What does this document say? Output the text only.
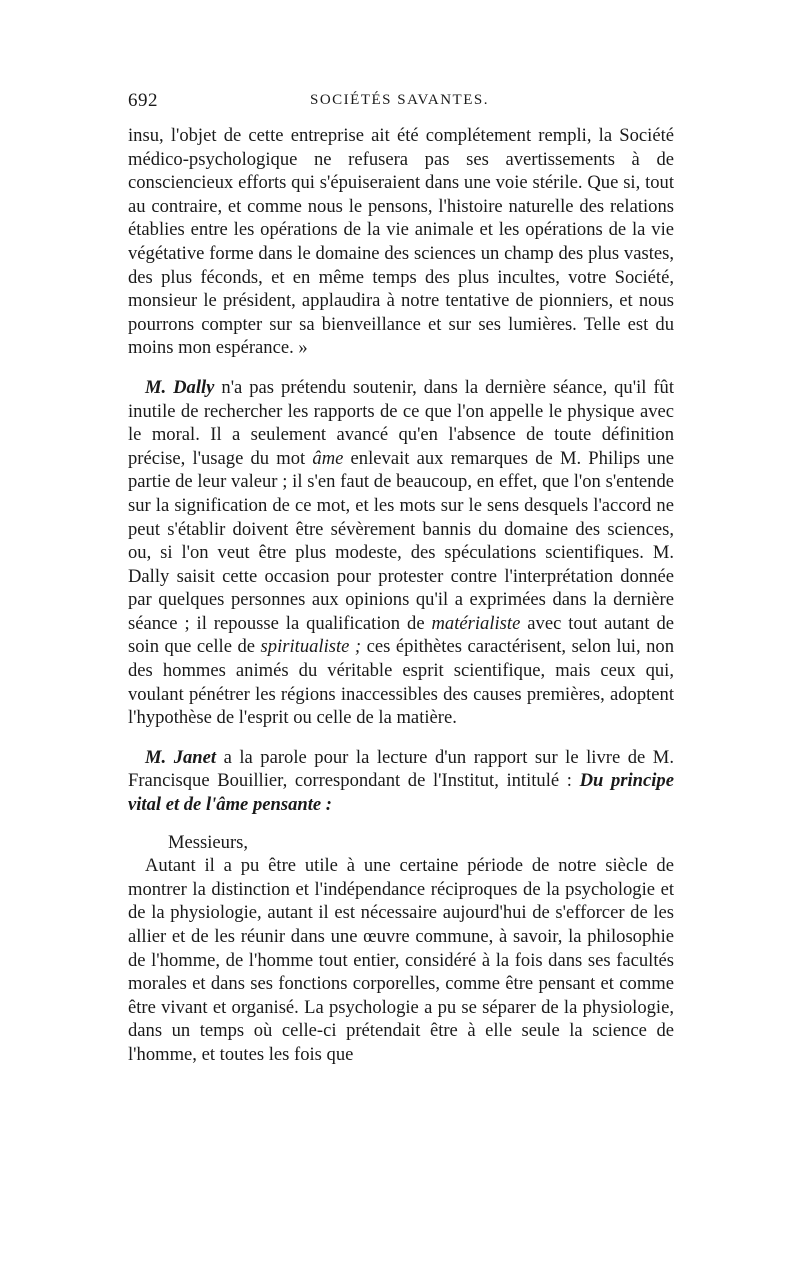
692	SOCIÉTÉS SAVANTES.

insu, l'objet de cette entreprise ait été complétement rempli, la Société médico-psychologique ne refusera pas ses avertissements à de consciencieux efforts qui s'épuiseraient dans une voie stérile. Que si, tout au contraire, et comme nous le pensons, l'histoire naturelle des relations établies entre les opérations de la vie animale et les opérations de la vie végétative forme dans le domaine des sciences un champ des plus vastes, des plus féconds, et en même temps des plus incultes, votre Société, monsieur le président, applaudira à notre tentative de pionniers, et nous pourrons compter sur sa bienveillance et sur ses lumières. Telle est du moins mon espérance. »

M. Dally n'a pas prétendu soutenir, dans la dernière séance, qu'il fût inutile de rechercher les rapports de ce que l'on appelle le physique avec le moral. Il a seulement avancé qu'en l'absence de toute définition précise, l'usage du mot âme enlevait aux remarques de M. Philips une partie de leur valeur ; il s'en faut de beaucoup, en effet, que l'on s'entende sur la signification de ce mot, et les mots sur le sens desquels l'accord ne peut s'établir doivent être sévèrement bannis du domaine des sciences, ou, si l'on veut être plus modeste, des spéculations scientifiques. M. Dally saisit cette occasion pour protester contre l'interprétation donnée par quelques personnes aux opinions qu'il a exprimées dans la dernière séance ; il repousse la qualification de matérialiste avec tout autant de soin que celle de spiritualiste ; ces épithètes caractérisent, selon lui, non des hommes animés du véritable esprit scientifique, mais ceux qui, voulant pénétrer les régions inaccessibles des causes premières, adoptent l'hypothèse de l'esprit ou celle de la matière.

M. Janet a la parole pour la lecture d'un rapport sur le livre de M. Francisque Bouillier, correspondant de l'Institut, intitulé : Du principe vital et de l'âme pensante :

Messieurs,

Autant il a pu être utile à une certaine période de notre siècle de montrer la distinction et l'indépendance réciproques de la psychologie et de la physiologie, autant il est nécessaire aujourd'hui de s'efforcer de les allier et de les réunir dans une œuvre commune, à savoir, la philosophie de l'homme, de l'homme tout entier, considéré à la fois dans ses facultés morales et dans ses fonctions corporelles, comme être pensant et comme être vivant et organisé. La psychologie a pu se séparer de la physiologie, dans un temps où celle-ci prétendait être à elle seule la science de l'homme, et toutes les fois que
